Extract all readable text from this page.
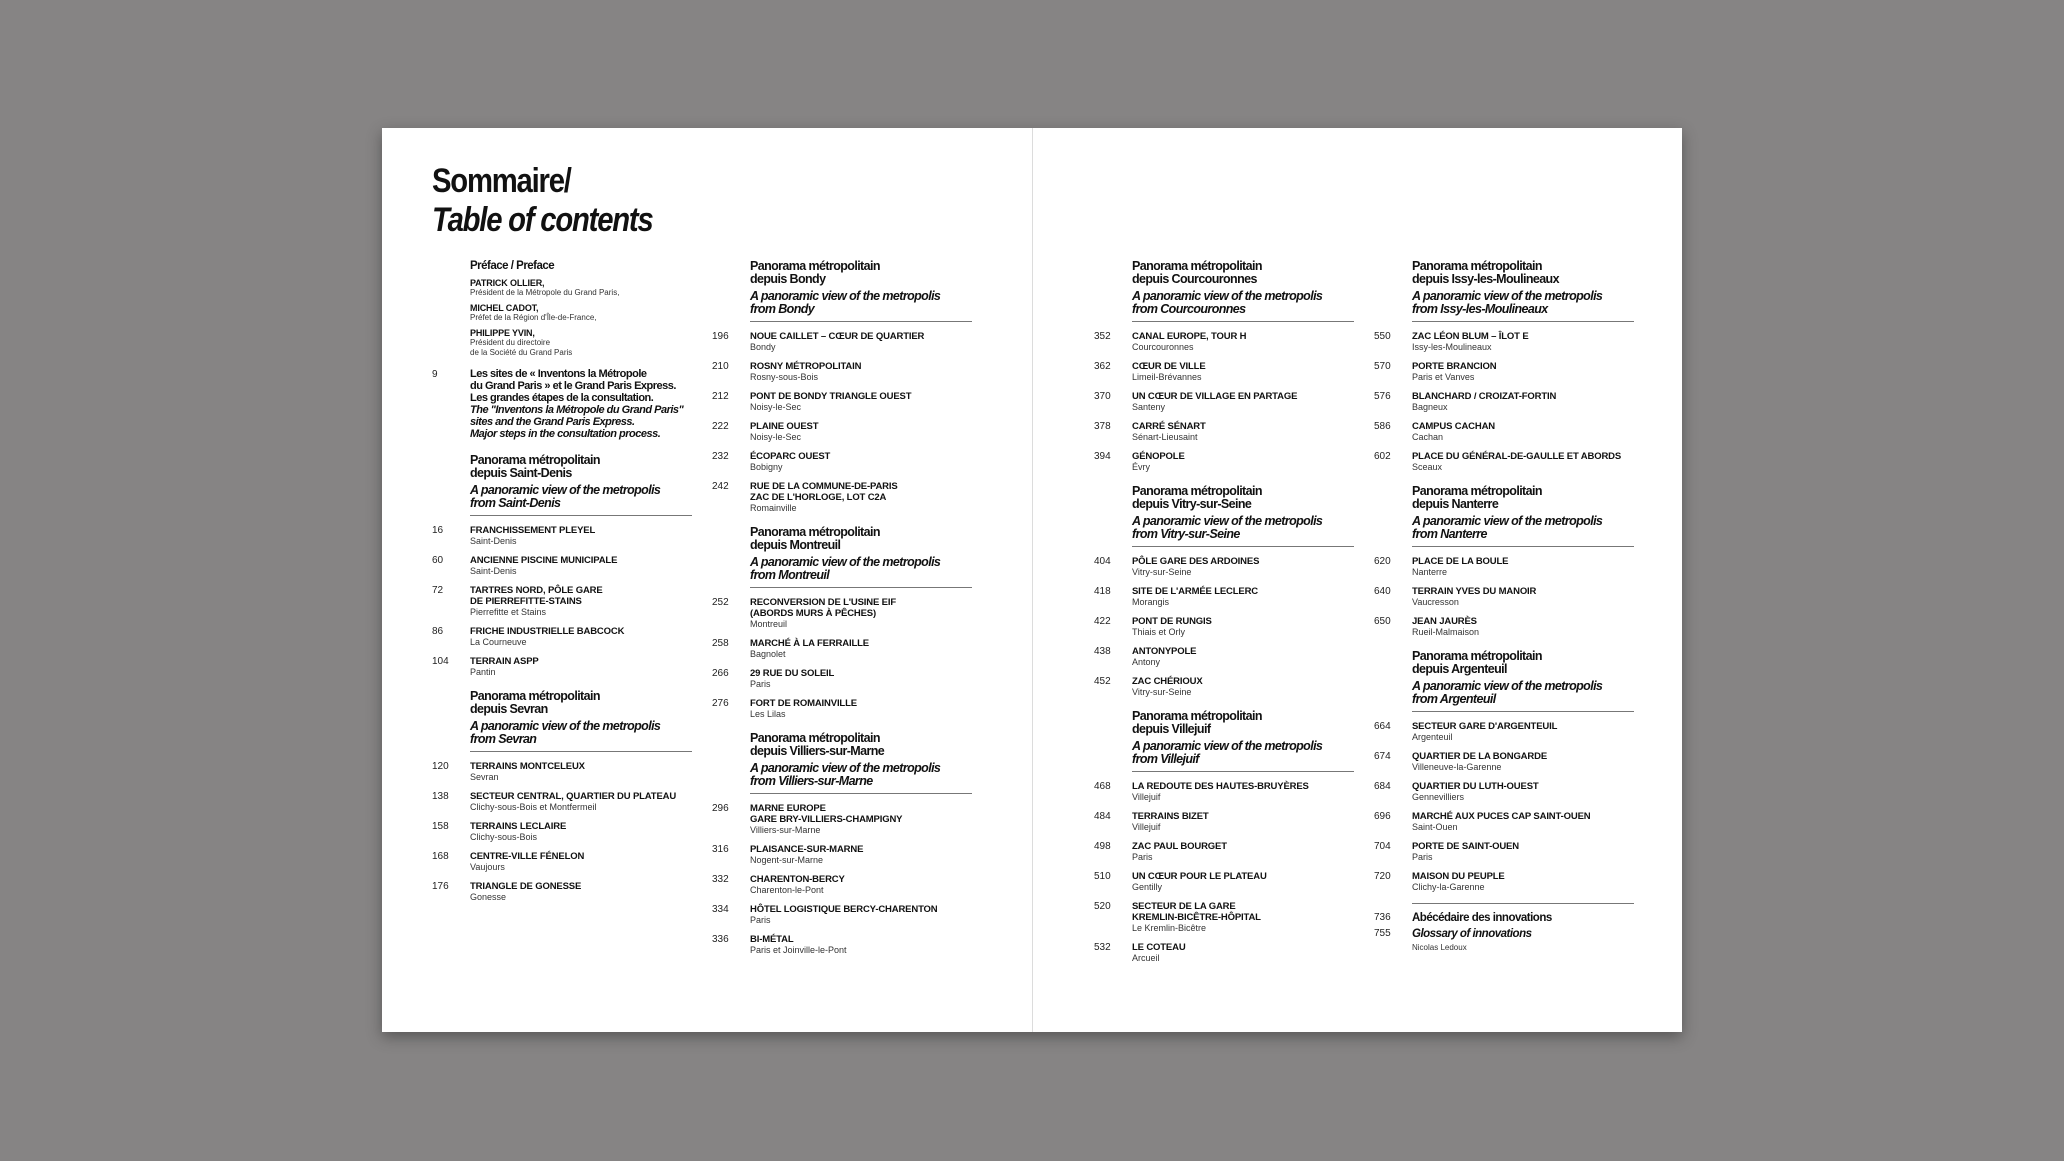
Sommaire/
Table of contents
Préface / Preface
PATRICK OLLIER,
Président de la Métropole du Grand Paris,
MICHEL CADOT,
Préfet de la Région d'Île-de-France,
PHILIPPE YVIN,
Président du directoire
de la Société du Grand Paris
9	Les sites de « Inventons la Métropole
du Grand Paris » et le Grand Paris Express.
Les grandes étapes de la consultation.
The "Inventons la Métropole du Grand Paris"
sites and the Grand Paris Express.
Major steps in the consultation process.
Panorama métropolitain
depuis Saint-Denis
A panoramic view of the metropolis
from Saint-Denis
16	FRANCHISSEMENT PLEYEL
Saint-Denis
60	ANCIENNE PISCINE MUNICIPALE
Saint-Denis
72	TARTRES NORD, PÔLE GARE
DE PIERREFITTE-STAINS
Pierrefitte et Stains
86	FRICHE INDUSTRIELLE BABCOCK
La Courneuve
104 TERRAIN ASPP
Pantin
Panorama métropolitain
depuis Sevran
A panoramic view of the metropolis
from Sevran
120 TERRAINS MONTCELEUX
Sevran
138 SECTEUR CENTRAL, QUARTIER DU PLATEAU
Clichy-sous-Bois et Montfermeil
158 TERRAINS LECLAIRE
Clichy-sous-Bois
168 CENTRE-VILLE FÉNELON
Vaujours
176 TRIANGLE DE GONESSE
Gonesse
Panorama métropolitain
depuis Bondy
A panoramic view of the metropolis
from Bondy
196 NOUE CAILLET – CŒUR DE QUARTIER
Bondy
210 ROSNY MÉTROPOLITAIN
Rosny-sous-Bois
212 PONT DE BONDY TRIANGLE OUEST
Noisy-le-Sec
222 PLAINE OUEST
Noisy-le-Sec
232 ÉCOPARC OUEST
Bobigny
242 RUE DE LA COMMUNE-DE-PARIS
ZAC DE L'HORLOGE, LOT C2A
Romainville
Panorama métropolitain
depuis Montreuil
A panoramic view of the metropolis
from Montreuil
252 RECONVERSION DE L'USINE EIF
(ABORDS MURS À PÊCHES)
Montreuil
258 MARCHÉ À LA FERRAILLE
Bagnolet
266 29 RUE DU SOLEIL
Paris
276 FORT DE ROMAINVILLE
Les Lilas
Panorama métropolitain
depuis Villiers-sur-Marne
A panoramic view of the metropolis
from Villiers-sur-Marne
296 MARNE EUROPE
GARE BRY-VILLIERS-CHAMPIGNY
Villiers-sur-Marne
316 PLAISANCE-SUR-MARNE
Nogent-sur-Marne
332 CHARENTON-BERCY
Charenton-le-Pont
334 HÔTEL LOGISTIQUE BERCY-CHARENTON
Paris
336 BI-MÉTAL
Paris et Joinville-le-Pont
Panorama métropolitain
depuis Courcouronnes
A panoramic view of the metropolis
from Courcouronnes
352 CANAL EUROPE, TOUR H
Courcouronnes
362 CŒUR DE VILLE
Limeil-Brévannes
370 UN CŒUR DE VILLAGE EN PARTAGE
Santeny
378 CARRÉ SÉNART
Sénart-Lieusaint
394 GÉNOPOLE
Évry
Panorama métropolitain
depuis Vitry-sur-Seine
A panoramic view of the metropolis
from Vitry-sur-Seine
404 PÔLE GARE DES ARDOINES
Vitry-sur-Seine
418 SITE DE L'ARMÉE LECLERC
Morangis
422 PONT DE RUNGIS
Thiais et Orly
438 ANTONYPOLE
Antony
452 ZAC CHÉRIOUX
Vitry-sur-Seine
Panorama métropolitain
depuis Villejuif
A panoramic view of the metropolis
from Villejuif
468 LA REDOUTE DES HAUTES-BRUYÈRES
Villejuif
484 TERRAINS BIZET
Villejuif
498 ZAC PAUL BOURGET
Paris
510 UN CŒUR POUR LE PLATEAU
Gentilly
520 SECTEUR DE LA GARE
KREMLIN-BICÊTRE-HÔPITAL
Le Kremlin-Bicêtre
532 LE COTEAU
Arcueil
Panorama métropolitain
depuis Issy-les-Moulineaux
A panoramic view of the metropolis
from Issy-les-Moulineaux
550 ZAC LÉON BLUM – ÎLOT E
Issy-les-Moulineaux
570 PORTE BRANCION
Paris et Vanves
576 BLANCHARD / CROIZAT-FORTIN
Bagneux
586 CAMPUS CACHAN
Cachan
602 PLACE DU GÉNÉRAL-DE-GAULLE ET ABORDS
Sceaux
Panorama métropolitain
depuis Nanterre
A panoramic view of the metropolis
from Nanterre
620 PLACE DE LA BOULE
Nanterre
640 TERRAIN YVES DU MANOIR
Vaucresson
650 JEAN JAURÈS
Rueil-Malmaison
Panorama métropolitain
depuis Argenteuil
A panoramic view of the metropolis
from Argenteuil
664 SECTEUR GARE D'ARGENTEUIL
Argenteuil
674 QUARTIER DE LA BONGARDE
Villeneuve-la-Garenne
684 QUARTIER DU LUTH-OUEST
Gennevilliers
696 MARCHÉ AUX PUCES CAP SAINT-OUEN
Saint-Ouen
704 PORTE DE SAINT-OUEN
Paris
720 MAISON DU PEUPLE
Clichy-la-Garenne
736 Abécédaire des innovations
755 Glossary of innovations
Nicolas Ledoux
